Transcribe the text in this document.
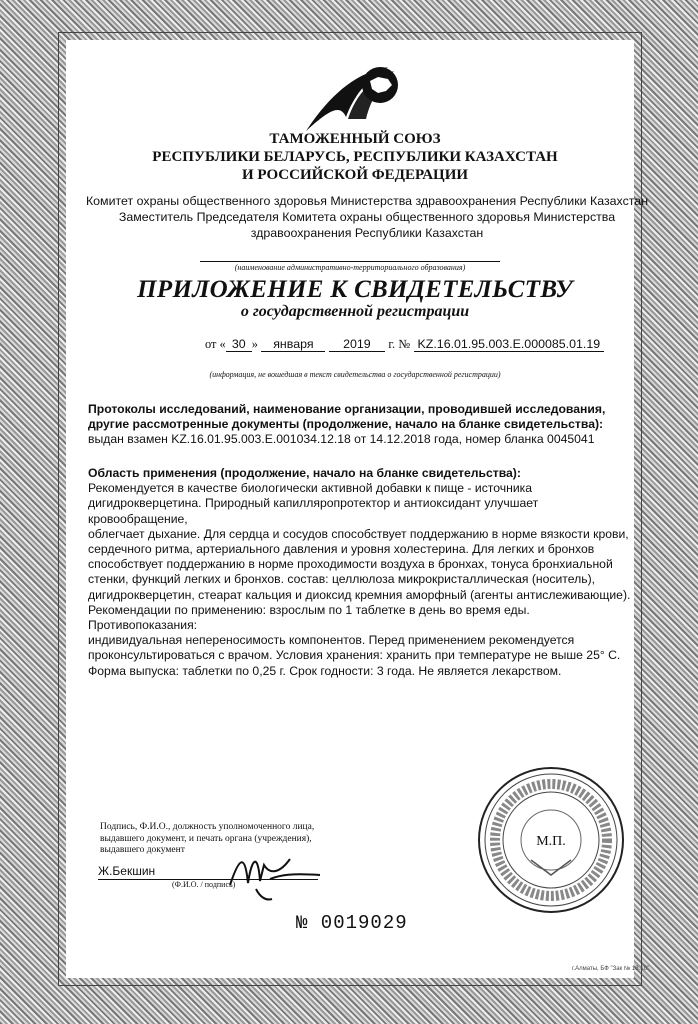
ТАМОЖЕННЫЙ СОЮЗ
РЕСПУБЛИКИ БЕЛАРУСЬ, РЕСПУБЛИКИ КАЗАХСТАН
И РОССИЙСКОЙ ФЕДЕРАЦИИ
Комитет охраны общественного здоровья Министерства здравоохранения Республики Казахстан
Заместитель Председателя Комитета охраны общественного здоровья Министерства
здравоохранения Республики Казахстан
(наименование административно-территориального образования)
ПРИЛОЖЕНИЕ К СВИДЕТЕЛЬСТВУ
о государственной регистрации
от « 30 » января 2019 г. № KZ.16.01.95.003.E.000085.01.19
(информация, не вошедшая в текст свидетельства о государственной регистрации)
Протоколы исследований, наименование организации, проводившей исследования,
другие рассмотренные документы (продолжение, начало на бланке свидетельства):
выдан взамен KZ.16.01.95.003.E.001034.12.18 от 14.12.2018 года, номер бланка 0045041
Область применения (продолжение, начало на бланке свидетельства):
Рекомендуется в качестве биологически активной добавки к пище - источника
дигидрокверцетина. Природный капилляропротектор и антиоксидант улучшает кровообращение,
облегчает дыхание. Для сердца и сосудов способствует поддержанию в норме вязкости крови,
сердечного ритма, артериального давления и уровня холестерина. Для легких и бронхов
способствует поддержанию в норме проходимости воздуха в бронхах, тонуса бронхиальной
стенки, функций легких и бронхов. состав: целлюлоза микрокристаллическая (носитель),
дигидрокверцетин, стеарат кальция и диоксид кремния аморфный (агенты антислеживающие).
Рекомендации по применению: взрослым по 1 таблетке в день во время еды. Противопоказания:
индивидуальная непереносимость компонентов. Перед применением рекомендуется
проконсультироваться с врачом. Условия хранения: хранить при температуре не выше 25° С.
Форма выпуска: таблетки по 0,25 г. Срок годности: 3 года. Не является лекарством.
Подпись, Ф.И.О., должность уполномоченного лица,
выдавшего документ, и печать органа (учреждения),
выдавшего документ
Ж.Бекшин
(Ф.И.О. / подпись)
№ 0019029
М.П.
г.Алматы, БФ "Зак № 18.10"
